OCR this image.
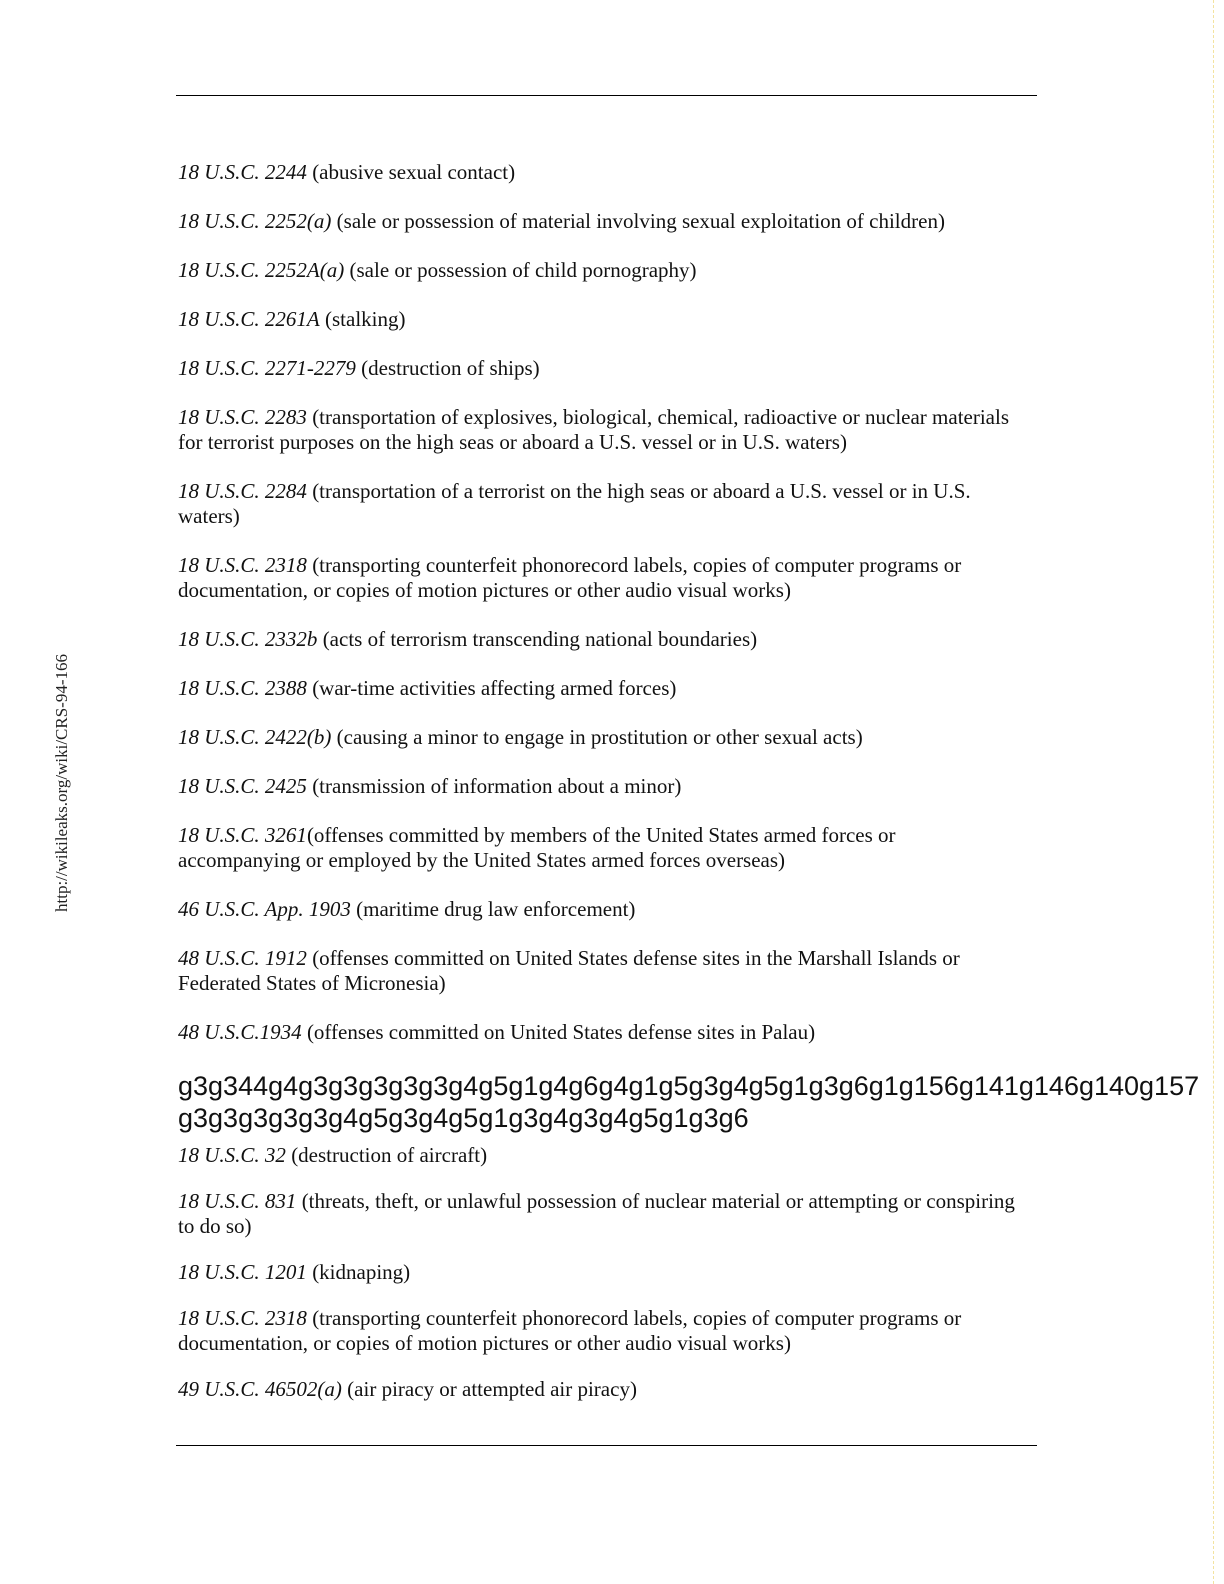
http://wikileaks.org/wiki/CRS-94-166

18 U.S.C. 2244 (abusive sexual contact)

18 U.S.C. 2252(a) (sale or possession of material involving sexual exploitation of children)

18 U.S.C. 2252A(a) (sale or possession of child pornography)

18 U.S.C. 2261A (stalking)

18 U.S.C. 2271-2279 (destruction of ships)

18 U.S.C. 2283 (transportation of explosives, biological, chemical, radioactive or nuclear materials for terrorist purposes on the high seas or aboard a U.S. vessel or in U.S. waters)

18 U.S.C. 2284 (transportation of a terrorist on the high seas or aboard a U.S. vessel or in U.S. waters)

18 U.S.C. 2318 (transporting counterfeit phonorecord labels, copies of computer programs or documentation, or copies of motion pictures or other audio visual works)

18 U.S.C. 2332b (acts of terrorism transcending national boundaries)

18 U.S.C. 2388 (war-time activities affecting armed forces)

18 U.S.C. 2422(b) (causing a minor to engage in prostitution or other sexual acts)

18 U.S.C. 2425 (transmission of information about a minor)

18 U.S.C. 3261(offenses committed by members of the United States armed forces or accompanying or employed by the United States armed forces overseas)

46 U.S.C. App. 1903 (maritime drug law enforcement)

48 U.S.C. 1912 (offenses committed on United States defense sites in the Marshall Islands or Federated States of Micronesia)

48 U.S.C.1934 (offenses committed on United States defense sites in Palau)

g3g344g4g3g3g3g3g3g4g5g1g4g6g4g1g5g3g4g5g1g3g6g1g156g141g146g140g157
g3g3g3g3g3g4g5g3g4g5g1g3g4g3g4g5g1g3g6

18 U.S.C. 32 (destruction of aircraft)

18 U.S.C. 831 (threats, theft, or unlawful possession of nuclear material or attempting or conspiring to do so)

18 U.S.C. 1201 (kidnaping)

18 U.S.C. 2318 (transporting counterfeit phonorecord labels, copies of computer programs or documentation, or copies of motion pictures or other audio visual works)

49 U.S.C. 46502(a) (air piracy or attempted air piracy)
